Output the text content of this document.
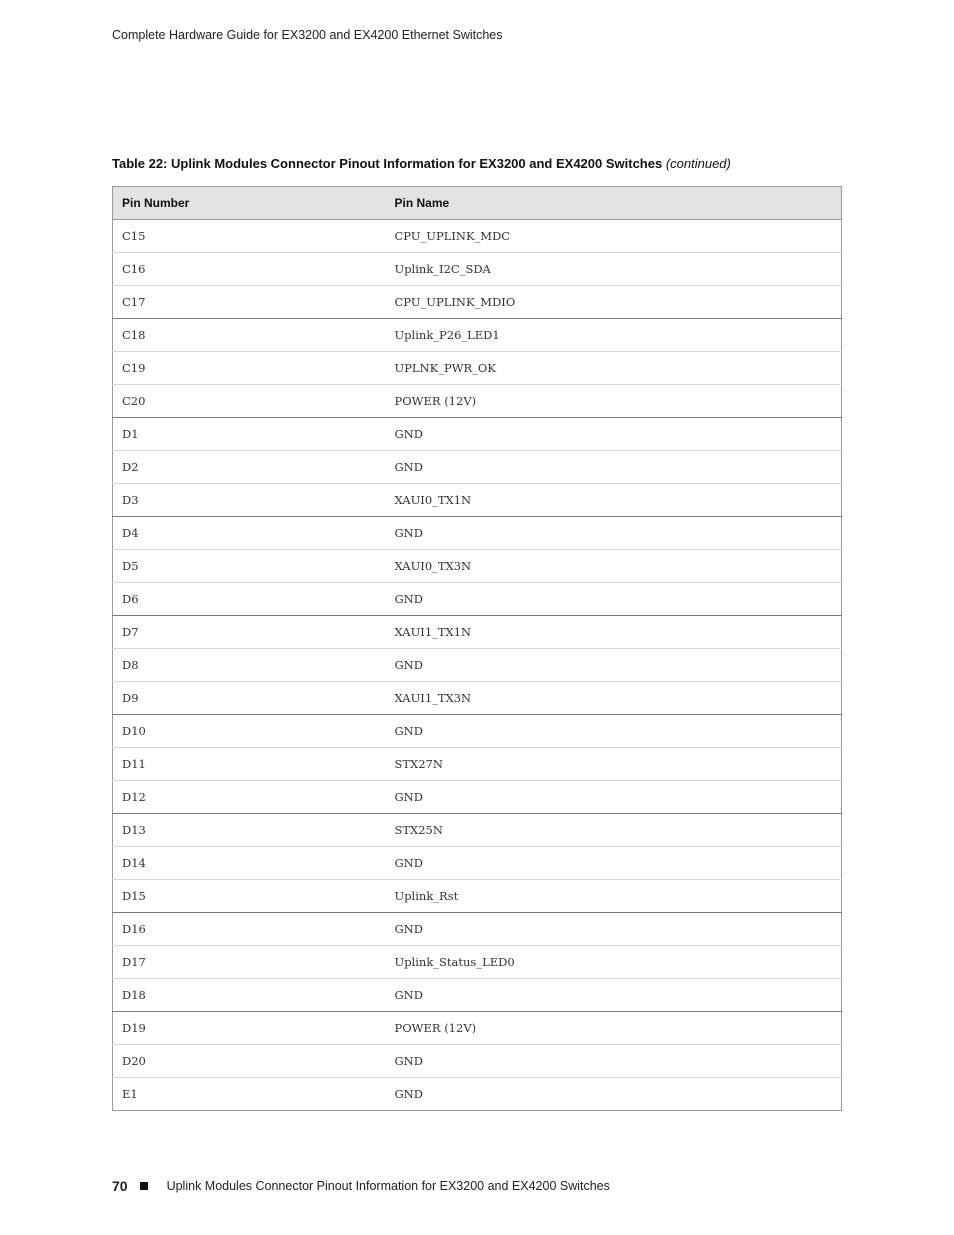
Complete Hardware Guide for EX3200 and EX4200 Ethernet Switches
Table 22: Uplink Modules Connector Pinout Information for EX3200 and EX4200 Switches (continued)
Pin Number	Pin Name
C15	CPU_UPLINK_MDC
C16	Uplink_I2C_SDA
C17	CPU_UPLINK_MDIO
C18	Uplink_P26_LED1
C19	UPLNK_PWR_OK
C20	POWER (12V)
D1	GND
D2	GND
D3	XAUI0_TX1N
D4	GND
D5	XAUI0_TX3N
D6	GND
D7	XAUI1_TX1N
D8	GND
D9	XAUI1_TX3N
D10	GND
D11	STX27N
D12	GND
D13	STX25N
D14	GND
D15	Uplink_Rst
D16	GND
D17	Uplink_Status_LED0
D18	GND
D19	POWER (12V)
D20	GND
E1	GND
70	Uplink Modules Connector Pinout Information for EX3200 and EX4200 Switches
